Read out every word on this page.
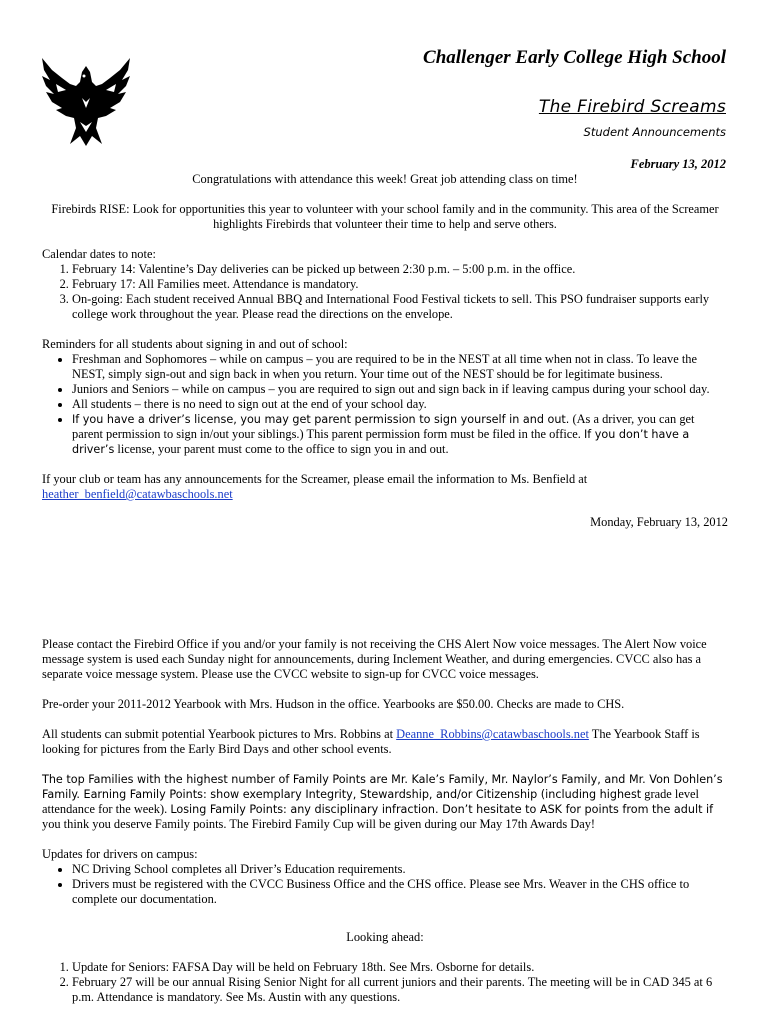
Challenger Early College High School
The Firebird Screams
Student Announcements
February 13, 2012

Congratulations with attendance this week! Great job attending class on time!

Firebirds RISE: Look for opportunities this year to volunteer with your school family and in the community. This area of the Screamer highlights Firebirds that volunteer their time to help and serve others.

Calendar dates to note:

1. February 14: Valentine’s Day deliveries can be picked up between 2:30 p.m. – 5:00 p.m. in the office.
2. February 17: All Families meet. Attendance is mandatory.
3. On-going: Each student received Annual BBQ and International Food Festival tickets to sell. This PSO fundraiser supports early college work throughout the year. Please read the directions on the envelope.

Reminders for all students about signing in and out of school:

• Freshman and Sophomores – while on campus – you are required to be in the NEST at all time when not in class. To leave the NEST, simply sign-out and sign back in when you return. Your time out of the NEST should be for legitimate business.
• Juniors and Seniors – while on campus – you are required to sign out and sign back in if leaving campus during your school day.
• All students – there is no need to sign out at the end of your school day.
• If you have a driver’s license, you may get parent permission to sign yourself in and out. (As a driver, you can get parent permission to sign in/out your siblings.) This parent permission form must be filed in the office. If you don’t have a driver’s license, your parent must come to the office to sign you in and out.

If your club or team has any announcements for the Screamer, please email the information to Ms. Benfield at
heather_benfield@catawbaschools.net

Monday, February 13, 2012

Please contact the Firebird Office if you and/or your family is not receiving the CHS Alert Now voice messages. The Alert Now voice message system is used each Sunday night for announcements, during Inclement Weather, and during emergencies. CVCC also has a separate voice message system. Please use the CVCC website to sign-up for CVCC voice messages.

Pre-order your 2011-2012 Yearbook with Mrs. Hudson in the office. Yearbooks are $50.00. Checks are made to CHS.

All students can submit potential Yearbook pictures to Mrs. Robbins at Deanne_Robbins@catawbaschools.net The Yearbook Staff is looking for pictures from the Early Bird Days and other school events.

The top Families with the highest number of Family Points are Mr. Kale’s Family, Mr. Naylor’s Family, and Mr. Von Dohlen’s Family. Earning Family Points: show exemplary Integrity, Stewardship, and/or Citizenship (including highest grade level attendance for the week). Losing Family Points: any disciplinary infraction. Don’t hesitate to ASK for points from the adult if you think you deserve Family points. The Firebird Family Cup will be given during our May 17th Awards Day!

Updates for drivers on campus:

• NC Driving School completes all Driver’s Education requirements.
• Drivers must be registered with the CVCC Business Office and the CHS office. Please see Mrs. Weaver in the CHS office to complete our documentation.

Looking ahead:

1. Update for Seniors: FAFSA Day will be held on February 18th. See Mrs. Osborne for details.
2. February 27 will be our annual Rising Senior Night for all current juniors and their parents. The meeting will be in CAD 345 at 6 p.m. Attendance is mandatory. See Ms. Austin with any questions.
